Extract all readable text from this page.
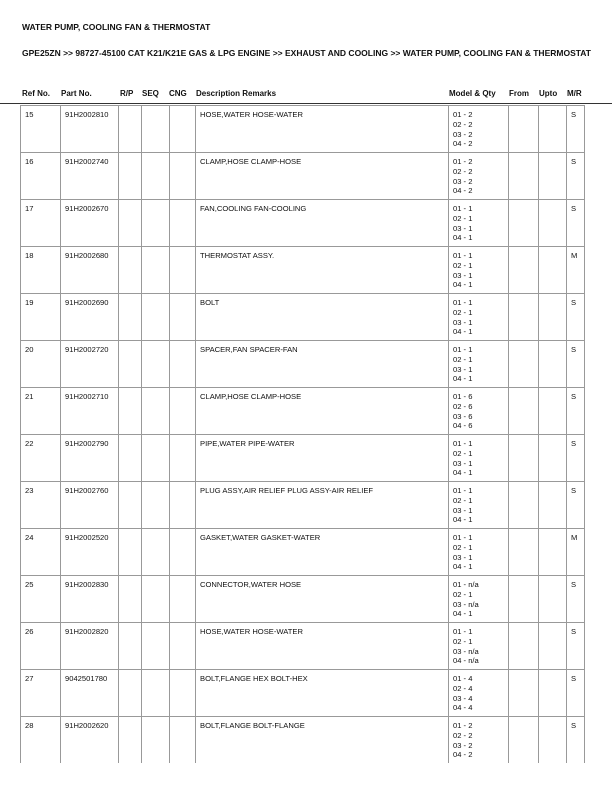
WATER PUMP, COOLING FAN & THERMOSTAT
GPE25ZN >> 98727-45100 CAT K21/K21E GAS & LPG ENGINE >> EXHAUST AND COOLING >> WATER PUMP, COOLING FAN & THERMOSTAT
Ref No. Part No.	R/P SEQ CNG Description Remarks	Model & Qty From Upto M/R
15	91H2002810				HOSE,WATER HOSE-WATER	01 - 2
02 - 2
03 - 2
04 - 2			S
16	91H2002740				CLAMP,HOSE CLAMP-HOSE	01 - 2
02 - 2
03 - 2
04 - 2			S
17	91H2002670				FAN,COOLING FAN-COOLING	01 - 1
02 - 1
03 - 1
04 - 1			S
18	91H2002680				THERMOSTAT ASSY.	01 - 1
02 - 1
03 - 1
04 - 1			M
19	91H2002690				BOLT	01 - 1
02 - 1
03 - 1
04 - 1			S
20	91H2002720				SPACER,FAN SPACER-FAN	01 - 1
02 - 1
03 - 1
04 - 1			S
21	91H2002710				CLAMP,HOSE CLAMP-HOSE	01 - 6
02 - 6
03 - 6
04 - 6			S
22	91H2002790				PIPE,WATER PIPE-WATER	01 - 1
02 - 1
03 - 1
04 - 1			S
23	91H2002760				PLUG ASSY,AIR RELIEF PLUG ASSY-AIR RELIEF	01 - 1
02 - 1
03 - 1
04 - 1			S
24	91H2002520				GASKET,WATER GASKET-WATER	01 - 1
02 - 1
03 - 1
04 - 1			M
25	91H2002830				CONNECTOR,WATER HOSE	01 - n/a
02 - 1
03 - n/a
04 - 1			S
26	91H2002820				HOSE,WATER HOSE-WATER	01 - 1
02 - 1
03 - n/a
04 - n/a			S
27	9042501780				BOLT,FLANGE HEX BOLT-HEX	01 - 4
02 - 4
03 - 4
04 - 4			S
28	91H2002620				BOLT,FLANGE BOLT-FLANGE	01 - 2
02 - 2
03 - 2
04 - 2			S
